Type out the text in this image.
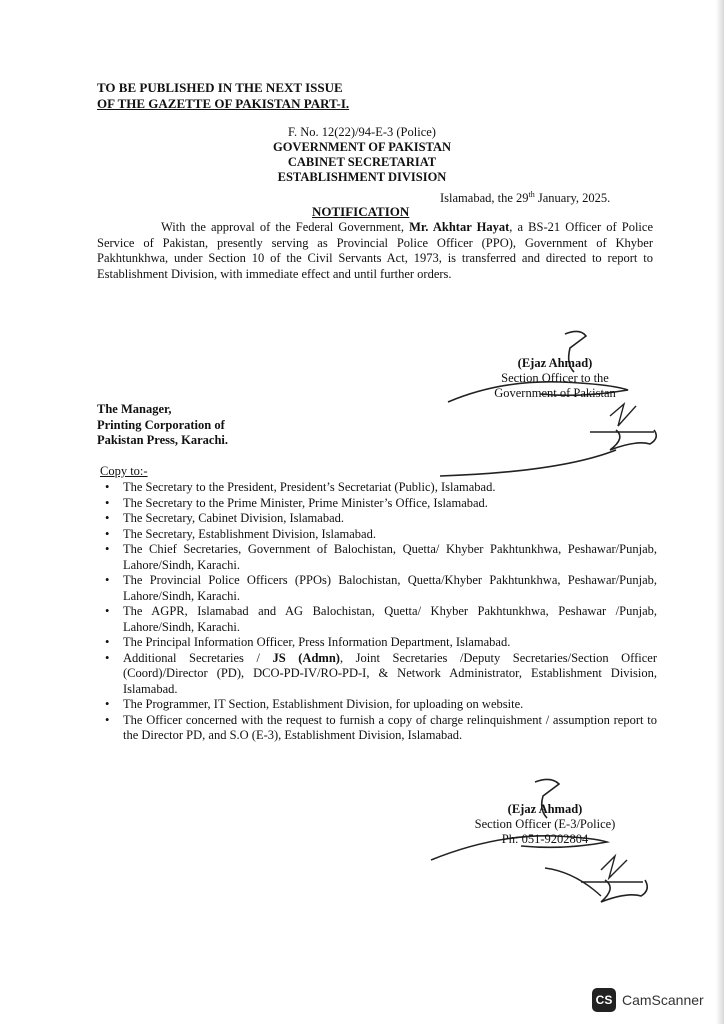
TO BE PUBLISHED IN THE NEXT ISSUE
OF THE GAZETTE OF PAKISTAN PART-I.
F. No. 12(22)/94-E-3 (Police)
GOVERNMENT OF PAKISTAN
CABINET SECRETARIAT
ESTABLISHMENT DIVISION
Islamabad, the 29th January, 2025.
NOTIFICATION

With the approval of the Federal Government, Mr. Akhtar Hayat, a BS-21 Officer of Police Service of Pakistan, presently serving as Provincial Police Officer (PPO), Government of Khyber Pakhtunkhwa, under Section 10 of the Civil Servants Act, 1973, is transferred and directed to report to Establishment Division, with immediate effect and until further orders.

(Ejaz Ahmad)
Section Officer to the
Government of Pakistan
The Manager,
Printing Corporation of
Pakistan Press, Karachi.
Copy to:-
• The Secretary to the President, President’s Secretariat (Public), Islamabad.
• The Secretary to the Prime Minister, Prime Minister’s Office, Islamabad.
• The Secretary, Cabinet Division, Islamabad.
• The Secretary, Establishment Division, Islamabad.
• The Chief Secretaries, Government of Balochistan, Quetta/ Khyber Pakhtunkhwa, Peshawar/Punjab, Lahore/Sindh, Karachi.
• The Provincial Police Officers (PPOs) Balochistan, Quetta/Khyber Pakhtunkhwa, Peshawar/Punjab, Lahore/Sindh, Karachi.
• The AGPR, Islamabad and AG Balochistan, Quetta/ Khyber Pakhtunkhwa, Peshawar /Punjab, Lahore/Sindh, Karachi.
• The Principal Information Officer, Press Information Department, Islamabad.
• Additional Secretaries / JS (Admn), Joint Secretaries /Deputy Secretaries/Section Officer (Coord)/Director (PD), DCO-PD-IV/RO-PD-I, & Network Administrator, Establishment Division, Islamabad.
• The Programmer, IT Section, Establishment Division, for uploading on website.
• The Officer concerned with the request to furnish a copy of charge relinquishment / assumption report to the Director PD, and S.O (E-3), Establishment Division, Islamabad.
(Ejaz Ahmad)
Section Officer (E-3/Police)
Ph: 051-9202804
CS CamScanner
